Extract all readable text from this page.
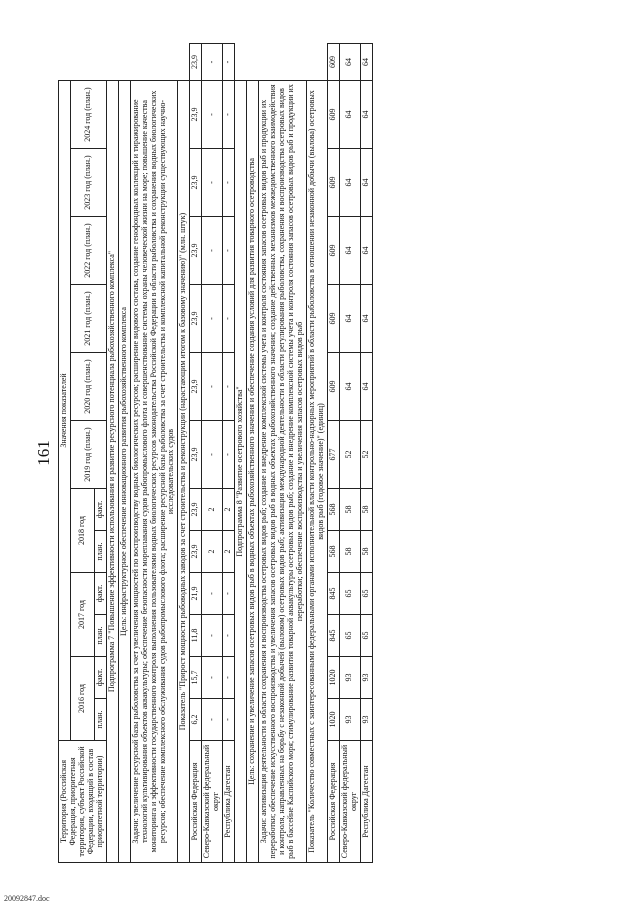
161
Территория (Российская Федерация, приоритетная территория, субъект Российской Федерации, входящий в состав приоритетной территории)	Значения показателей												
	2016 год		2017 год		2018 год		2019 год (план.)	2020 год (план.)	2021 год (план.)	2022 год (план.)	2023 год (план.)	2024 год (план.)	
	план.	факт.	план.	факт.	план.	факт.							
Подпрограмма 7 "Повышение эффективности использования и развитие ресурсного потенциала рыбохозяйственного комплекса"													
Цель: инфраструктурное обеспечение инновационного развития рыбохозяйственного комплекса													
Задачи: увеличение ресурсной базы рыболовства за счет увеличения мощностей по воспроизводству водных биологических ресурсов; расширение видового состава, создание генофондных коллекций и тиражирование технологий культивирования объектов аквакультуры; обеспечение безопасности мореплавания судов рыбопромыслового флота и совершенствование системы охраны человеческой жизни на море; повышение качества мониторинга и эффективности государственного контроля выполнения пользователями водных биологических ресурсов законодательства Российской Федерации в области рыболовства и сохранения водных биологических ресурсов; обеспечение комплексного обслуживания судов рыбопромыслового флота; расширение ресурсной базы рыболовства за счет строительства и комплексной капитальной реконструкции существующих научно-исследовательских судов													
Показатель "Прирост мощности рыбоводных заводов за счет строительства и реконструкции (нарастающим итогом к базовому значению)" (млн. штук)													
Российская Федерация	6,2	15,7	11,8	21,9	23,9	23,9	23,9	23,9	23,9	23,9	23,9	23,9	23,9
Северо-Кавказский федеральный округ	-	-	-	-	2	2	-	-	-	-	-	-	-
Республика Дагестан	-	-	-	-	2	2	-	-	-	-	-	-	-
Подпрограмма 8 "Развитие осетрового хозяйства"													
Цель: сохранение и увеличение запасов осетровых видов рыб в водных объектах рыбохозяйственного значения и обеспечение создания условий для развития товарного осетроводства													
Задачи: активизация деятельности в области сохранения и воспроизводства осетровых видов рыб; создание и внедрение комплексной системы учета и контроля состояния запасов осетровых видов рыб и продукции их переработки; обеспечение искусственного воспроизводства и увеличения запасов осетровых видов рыб в водных объектах рыбохозяйственного значения; создание действенных механизмов межведомственного взаимодействия и контроля, направленных на борьбу с незаконной добычей (выловом) осетровых видов рыб; активизация международной деятельности в области регулирования рыболовства, сохранения и воспроизводства осетровых видов рыб в бассейне Каспийского моря; стимулирование развития товарной аквакультуры осетровых видов рыб; создание и внедрение комплексной системы учета и контроля состояния запасов осетровых видов рыб и продукции их переработки; обеспечение воспроизводства и увеличения запасов осетровых видов рыб													
Показатель "Количество совместных с заинтересованными федеральными органами исполнительной власти контрольно-надзорных мероприятий в области рыболовства в отношении незаконной добычи (вылова) осетровых видов рыб (годовое значение)" (единиц)													
Российская Федерация	1020	1020	845	845	568	568	677	609	609	609	609	609	609
Северо-Кавказский федеральный округ	93	93	65	65	58	58	52	64	64	64	64	64	64
Республика Дагестан	93	93	65	65	58	58	52	64	64	64	64	64	64
20092847.doc
